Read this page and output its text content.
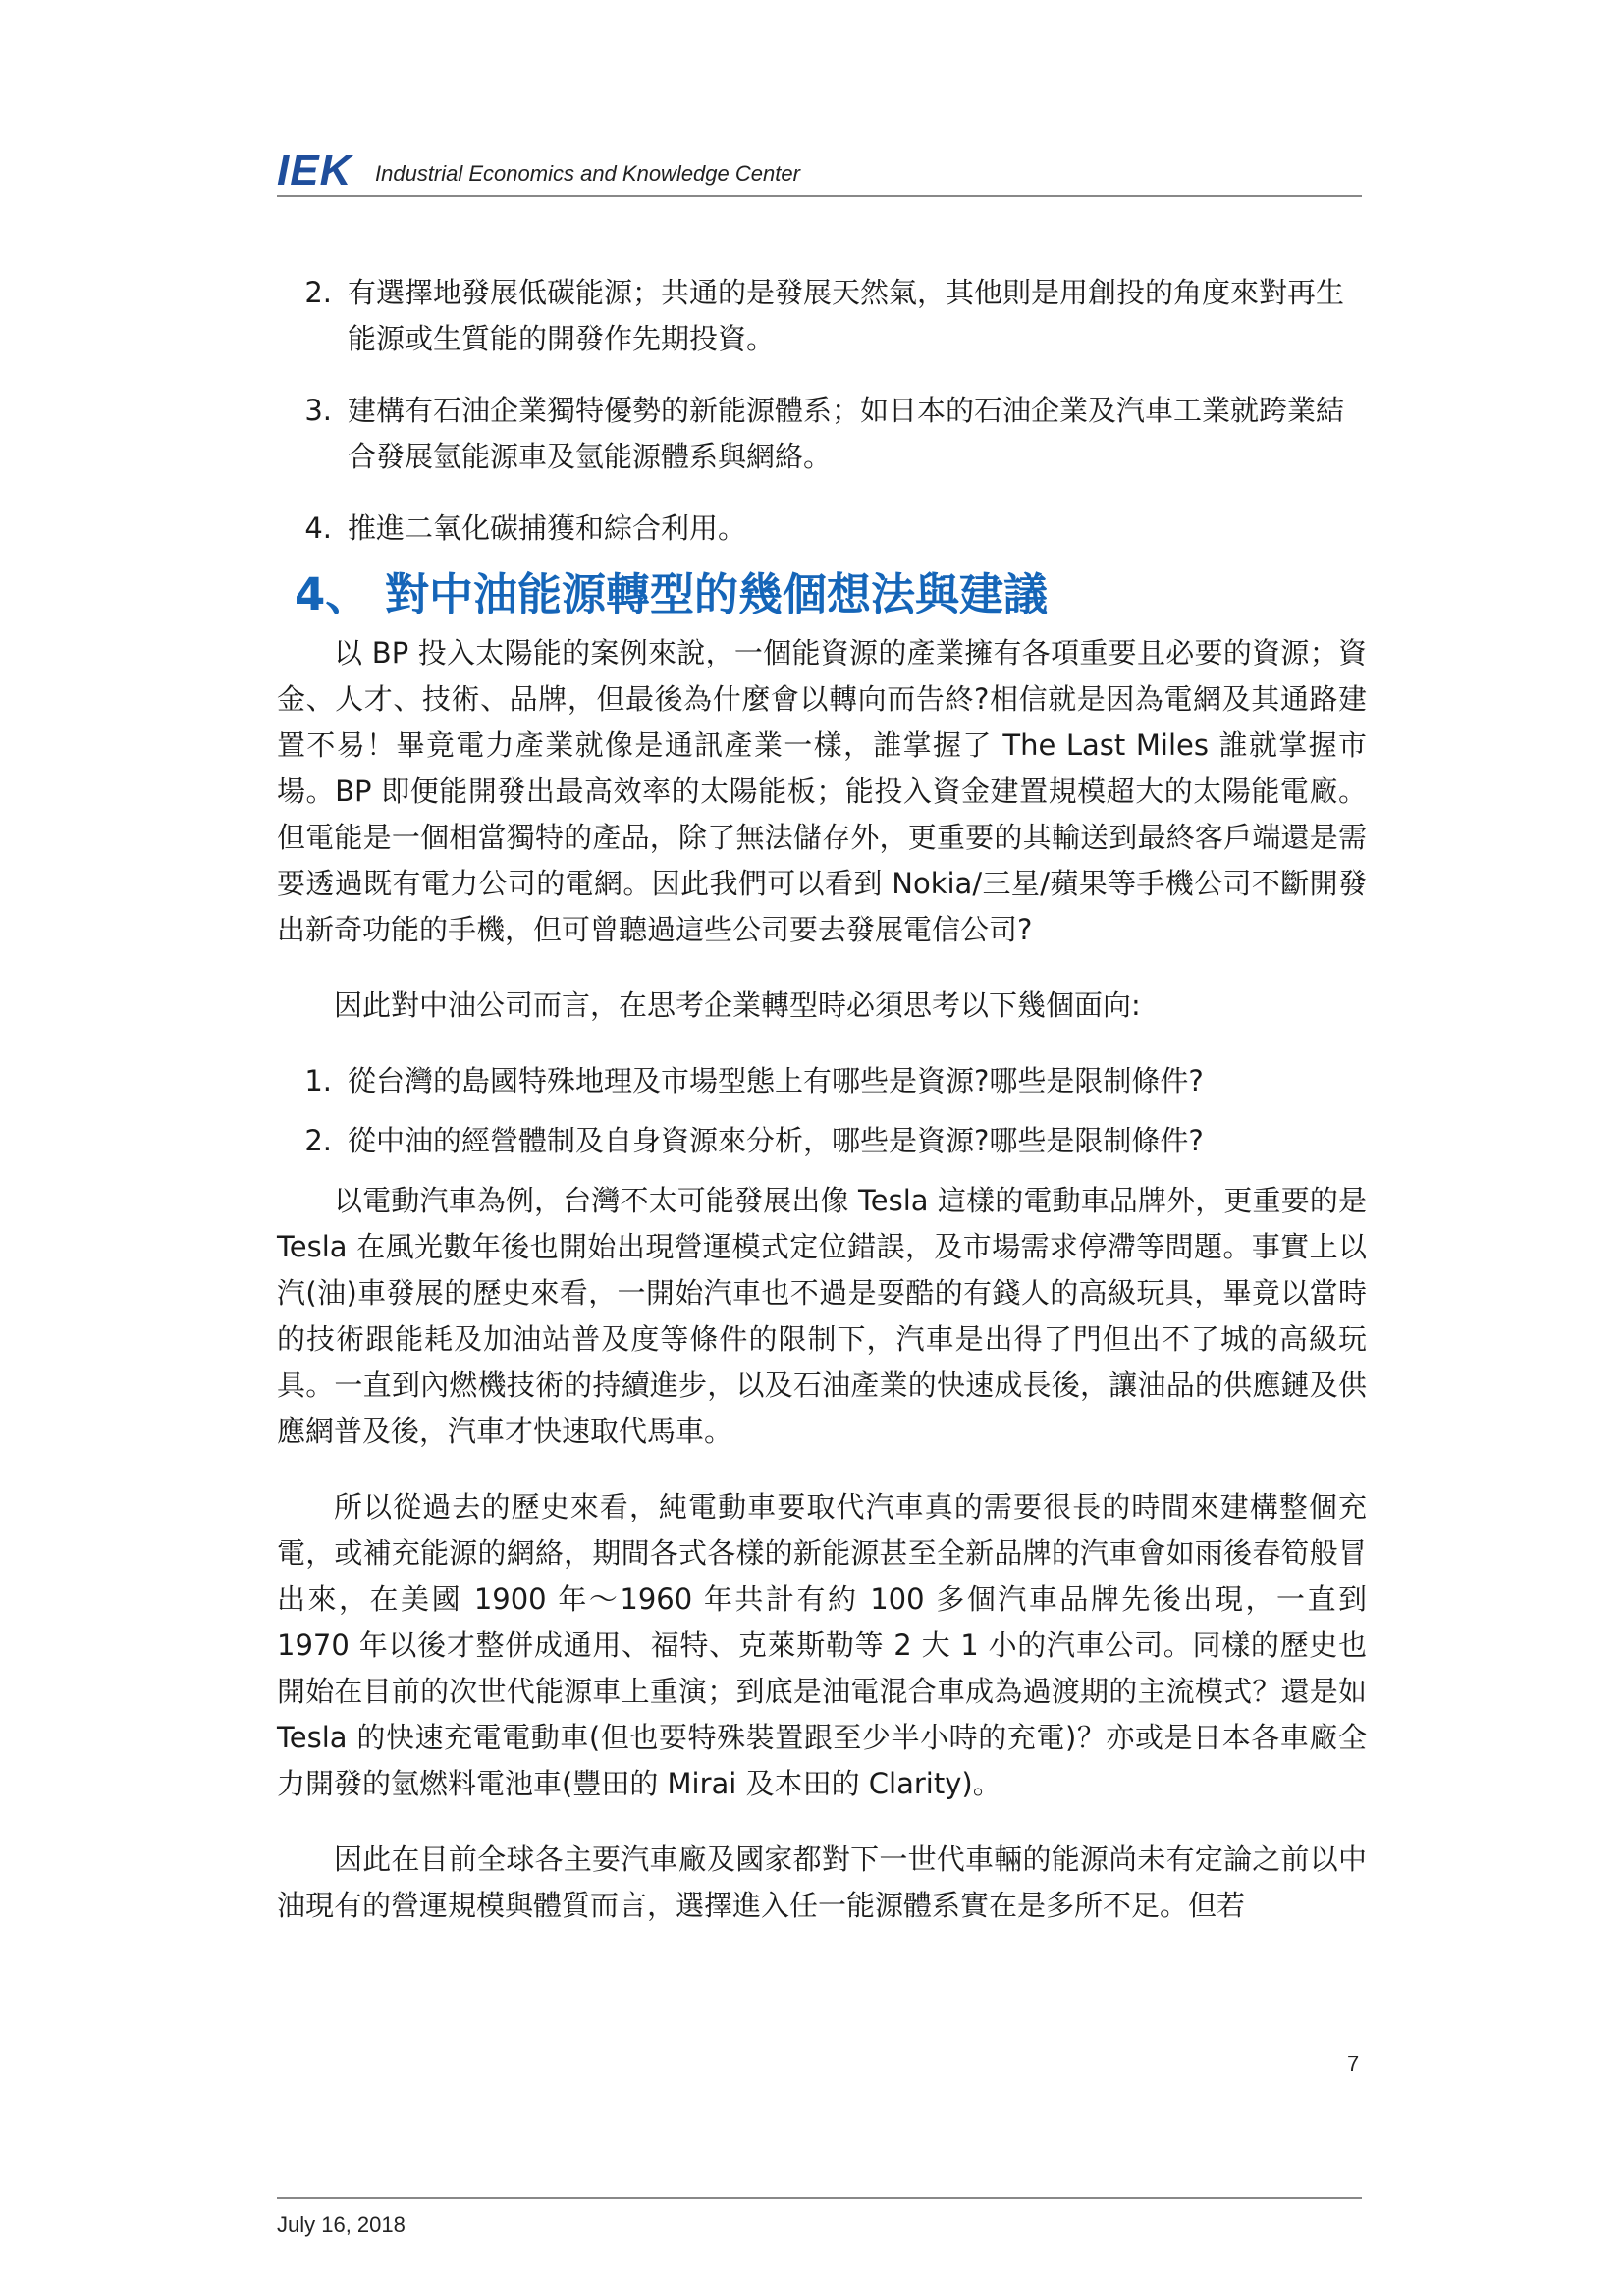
IEK Industrial Economics and Knowledge Center
2. 有選擇地發展低碳能源；共通的是發展天然氣，其他則是用創投的角度來對再生能源或生質能的開發作先期投資。
3. 建構有石油企業獨特優勢的新能源體系；如日本的石油企業及汽車工業就跨業結合發展氫能源車及氫能源體系與網絡。
4. 推進二氧化碳捕獲和綜合利用。
4、 對中油能源轉型的幾個想法與建議

以 BP 投入太陽能的案例來說，一個能資源的產業擁有各項重要且必要的資源；資金、人才、技術、品牌，但最後為什麼會以轉向而告終?相信就是因為電網及其通路建置不易！畢竟電力產業就像是通訊產業一樣，誰掌握了 The Last Miles 誰就掌握市場。BP 即便能開發出最高效率的太陽能板；能投入資金建置規模超大的太陽能電廠。但電能是一個相當獨特的產品，除了無法儲存外，更重要的其輸送到最終客戶端還是需要透過既有電力公司的電網。因此我們可以看到 Nokia/三星/蘋果等手機公司不斷開發出新奇功能的手機，但可曾聽過這些公司要去發展電信公司?

因此對中油公司而言，在思考企業轉型時必須思考以下幾個面向:

1. 從台灣的島國特殊地理及市場型態上有哪些是資源?哪些是限制條件?
2. 從中油的經營體制及自身資源來分析，哪些是資源?哪些是限制條件?

以電動汽車為例，台灣不太可能發展出像 Tesla 這樣的電動車品牌外，更重要的是 Tesla 在風光數年後也開始出現營運模式定位錯誤，及市場需求停滯等問題。事實上以汽(油)車發展的歷史來看，一開始汽車也不過是耍酷的有錢人的高級玩具，畢竟以當時的技術跟能耗及加油站普及度等條件的限制下，汽車是出得了門但出不了城的高級玩具。一直到內燃機技術的持續進步，以及石油產業的快速成長後，讓油品的供應鏈及供應網普及後，汽車才快速取代馬車。

所以從過去的歷史來看，純電動車要取代汽車真的需要很長的時間來建構整個充電，或補充能源的網絡，期間各式各樣的新能源甚至全新品牌的汽車會如雨後春筍般冒出來，在美國 1900 年～1960 年共計有約 100 多個汽車品牌先後出現，一直到 1970 年以後才整併成通用、福特、克萊斯勒等 2 大 1 小的汽車公司。同樣的歷史也開始在目前的次世代能源車上重演；到底是油電混合車成為過渡期的主流模式？還是如 Tesla 的快速充電電動車(但也要特殊裝置跟至少半小時的充電)？亦或是日本各車廠全力開發的氫燃料電池車(豐田的 Mirai 及本田的 Clarity)。

因此在目前全球各主要汽車廠及國家都對下一世代車輛的能源尚未有定論之前以中油現有的營運規模與體質而言，選擇進入任一能源體系實在是多所不足。但若

7
July 16, 2018
